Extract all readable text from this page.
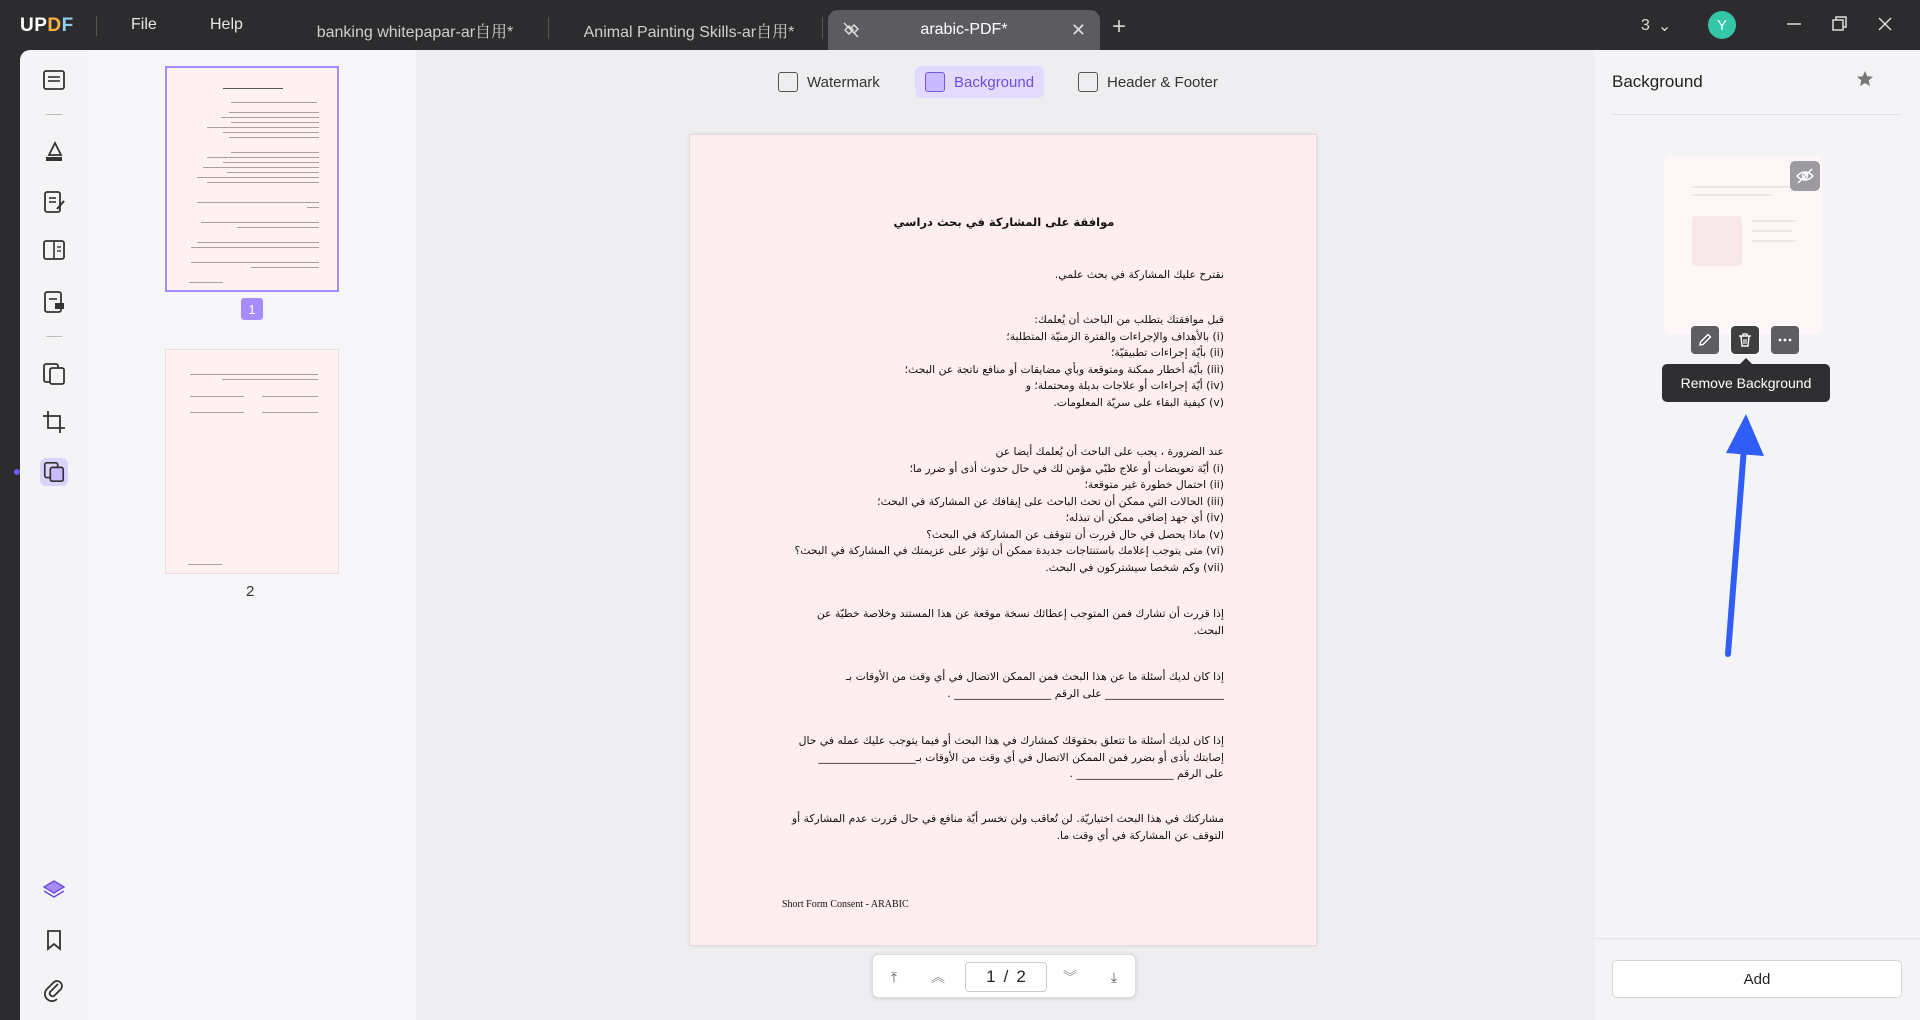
UPDF	File	Help	banking whitepapar-ar自用*	Animal Painting Skills-ar自用*	arabic-PDF*	✕ +	3 ⌄	Y
1
2
Watermark	Background	Header & Footer
موافقة على المشاركة في بحث دراسي
نقترح عليك المشاركة في بحث علمي.
قبل موافقتك يتطلب من الباحث أن يُعلمك:
(i) بالأهداف والإجراءات والفترة الزمنيّة المتطلبة؛
(ii) بأيّة إجراءات تطبيقيّة؛
(iii) بأيّة أخطار ممكنة ومتوقعة وبأي مضايقات أو منافع ناتجة عن البحث؛
(iv) أيّة إجراءات أو علاجات بديلة ومحتملة؛ و
(v) كيفية البقاء على سريّة المعلومات.
عند الضرورة ، يجب على الباحث أن يُعلمك أيضا عن
(i) أيّة تعويضات أو علاج طبّي مؤمن لك في حال حدوث أذى أو ضرر ما؛
(ii) احتمال خطورة غير متوقعة؛
(iii) الحالات التي ممكن أن تحث الباحث على إيقافك عن المشاركة في البحث؛
(iv) أي جهد إضافي ممكن أن تبذله؛
(v) ماذا يحصل في حال قررت أن تتوقف عن المشاركة في البحث؟
(vi) متى يتوجب إعلامك باستنتاجات جديدة ممكن أن تؤثر على عزيمتك في المشاركة في البحث؟
(vii) وكم شخصا سيشتركون في البحث.
إذا قررت أن تشارك فمن المتوجب إعطائك نسخة موقعة عن هذا المستند وخلاصة خطيّة عن
البحث.
إذا كان لديك أسئلة ما عن هذا البحث فمن الممكن الاتصال في أي وقت من الأوقات بـ
______________________ على الرقم __________________ .
إذا كان لديك أسئلة ما تتعلق بحقوقك كمشارك في هذا البحث أو فيما يتوجب عليك عمله في حال
إصابتك بأذى أو بضرر فمن الممكن الاتصال في أي وقت من الأوقات بـ__________________
على الرقم __________________ .
مشاركتك في هذا البحث اختياريّة. لن تُعاقب ولن تخسر أيّة منافع في حال قررت عدم المشاركة أو
التوقف عن المشاركة في أي وقت ما.
Short Form Consent - ARABIC
⤒	︽ 1 / 2	︾	⤓
Background
Add
Remove Background
